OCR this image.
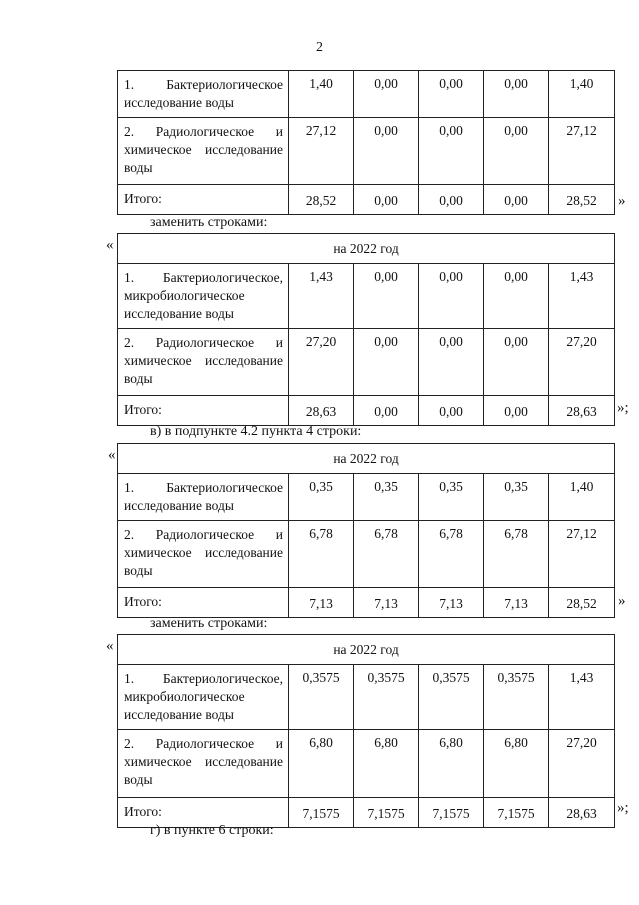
2
1. Бактериологическое исследование воды	1,40	0,00	0,00	0,00	1,40
2. Радиологическое и химическое исследование воды	27,12	0,00	0,00	0,00	27,12
Итого:	28,52	0,00	0,00	0,00	28,52 »
заменить строками:
«	на 2022 год					
1. Бактериологическое, микробиологическое исследование воды	1,43	0,00	0,00	0,00	1,43
2. Радиологическое и химическое исследование воды	27,20	0,00	0,00	0,00	27,20
Итого:	28,63	0,00	0,00	0,00	28,63 »;
в) в подпункте 4.2 пункта 4 строки:
«	на 2022 год					
1. Бактериологическое исследование воды	0,35	0,35	0,35	0,35	1,40
2. Радиологическое и химическое исследование воды	6,78	6,78	6,78	6,78	27,12
Итого:	7,13	7,13	7,13	7,13	28,52 »
заменить строками:
«	на 2022 год					
1. Бактериологическое, микробиологическое исследование воды	0,3575	0,3575	0,3575	0,3575	1,43
2. Радиологическое и химическое исследование воды	6,80	6,80	6,80	6,80	27,20
Итого:	7,1575	7,1575	7,1575	7,1575	28,63 »;
г) в пункте 6 строки:
